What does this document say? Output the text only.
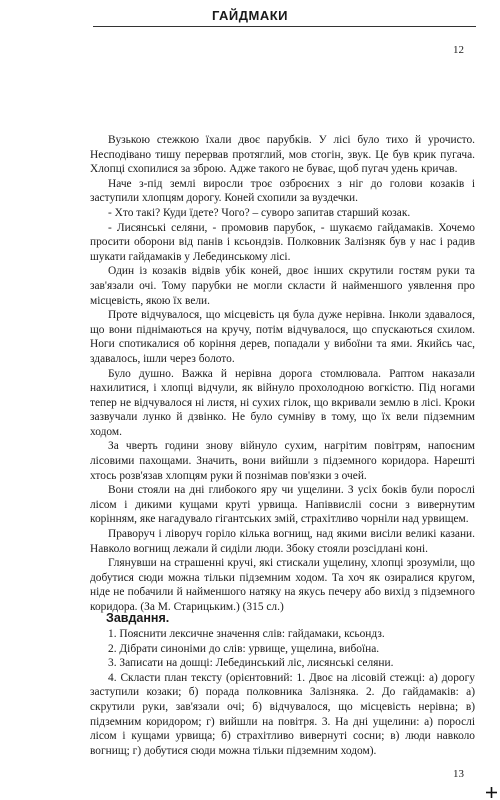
ГАЙДМАКИ
12

Вузькою стежкою їхали двоє парубків. У лісі було тихо й урочисто. Несподівано тишу перервав протяглий, мов стогін, звук. Це був крик пугача. Хлопці схопилися за зброю. Адже такого не буває, щоб пугач удень кричав.

Наче з-під землі виросли троє озброєних з ніг до голови козаків і заступили хлопцям дорогу. Коней схопили за вуздечки.

- Хто такі? Куди їдете? Чого? – суворо запитав старший козак.

- Лисянські селяни, - промовив парубок, - шукаємо гайдамаків. Хочемо просити оборони від панів і ксьондзів. Полковник Залізняк був у нас і радив шукати гайдамаків у Лебединському лісі.

Один із козаків відвів убік коней, двоє інших скрутили гостям руки та зав'язали очі. Тому парубки не могли скласти й найменшого уявлення про місцевість, якою їх вели.

Проте відчувалося, що місцевість ця була дуже нерівна. Інколи здавалося, що вони піднімаються на кручу, потім відчувалося, що спускаються схилом. Ноги спотикалися об коріння дерев, попадали у вибоїни та ями. Якийсь час, здавалось, ішли через болото.

Було душно. Важка й нерівна дорога стомлювала. Раптом наказали нахилитися, і хлопці відчули, як війнуло прохолодною вогкістю. Під ногами тепер не відчувалося ні листя, ні сухих гілок, що вкривали землю в лісі. Кроки зазвучали лунко й дзвінко. Не було сумніву в тому, що їх вели підземним ходом.

За чверть години знову війнуло сухим, нагрітим повітрям, напоєним лісовими пахощами. Значить, вони вийшли з підземного коридора. Нарешті хтось розв'язав хлопцям руки й познімав пов'язки з очей.

Вони стояли на дні глибокого яру чи ущелини. З усіх боків були порослі лісом і дикими кущами круті урвища. Напіввисліі сосни з вивернутим корінням, яке нагадувало гігантських змій, страхітливо чорніли над урвищем.

Праворуч і ліворуч горіло кілька вогнищ, над якими висіли великі казани. Навколо вогнищ лежали й сиділи люди. Збоку стояли розсідлані коні.

Глянувши на страшенні кручі, які стискали ущелину, хлопці зрозуміли, що добутися сюди можна тільки підземним ходом. Та хоч як озиралися кругом, ніде не побачили й найменшого натяку на якусь печеру або вихід з підземного коридора. (За М. Старицьким.) (315 сл.)

Завдання.

1. Пояснити лексичне значення слів: гайдамаки, ксьондз.

2. Дібрати синоніми до слів: урвище, ущелина, вибоїна.

3. Записати на дошці: Лебединський ліс, лисянські селяни.

4. Скласти план тексту (орієнтовний: 1. Двоє на лісовій стежці: а) дорогу заступили козаки; б) порада полковника Залізняка. 2. До гайдамаків: а) скрутили руки, зав'язали очі; б) відчувалося, що місцевість нерівна; в) підземним коридором; г) вийшли на повітря. 3. На дні ущелини: а) порослі лісом і кущами урвища; б) страхітливо вивернуті сосни; в) люди навколо вогнищ; г) добутися сюди можна тільки підземним ходом).

13
